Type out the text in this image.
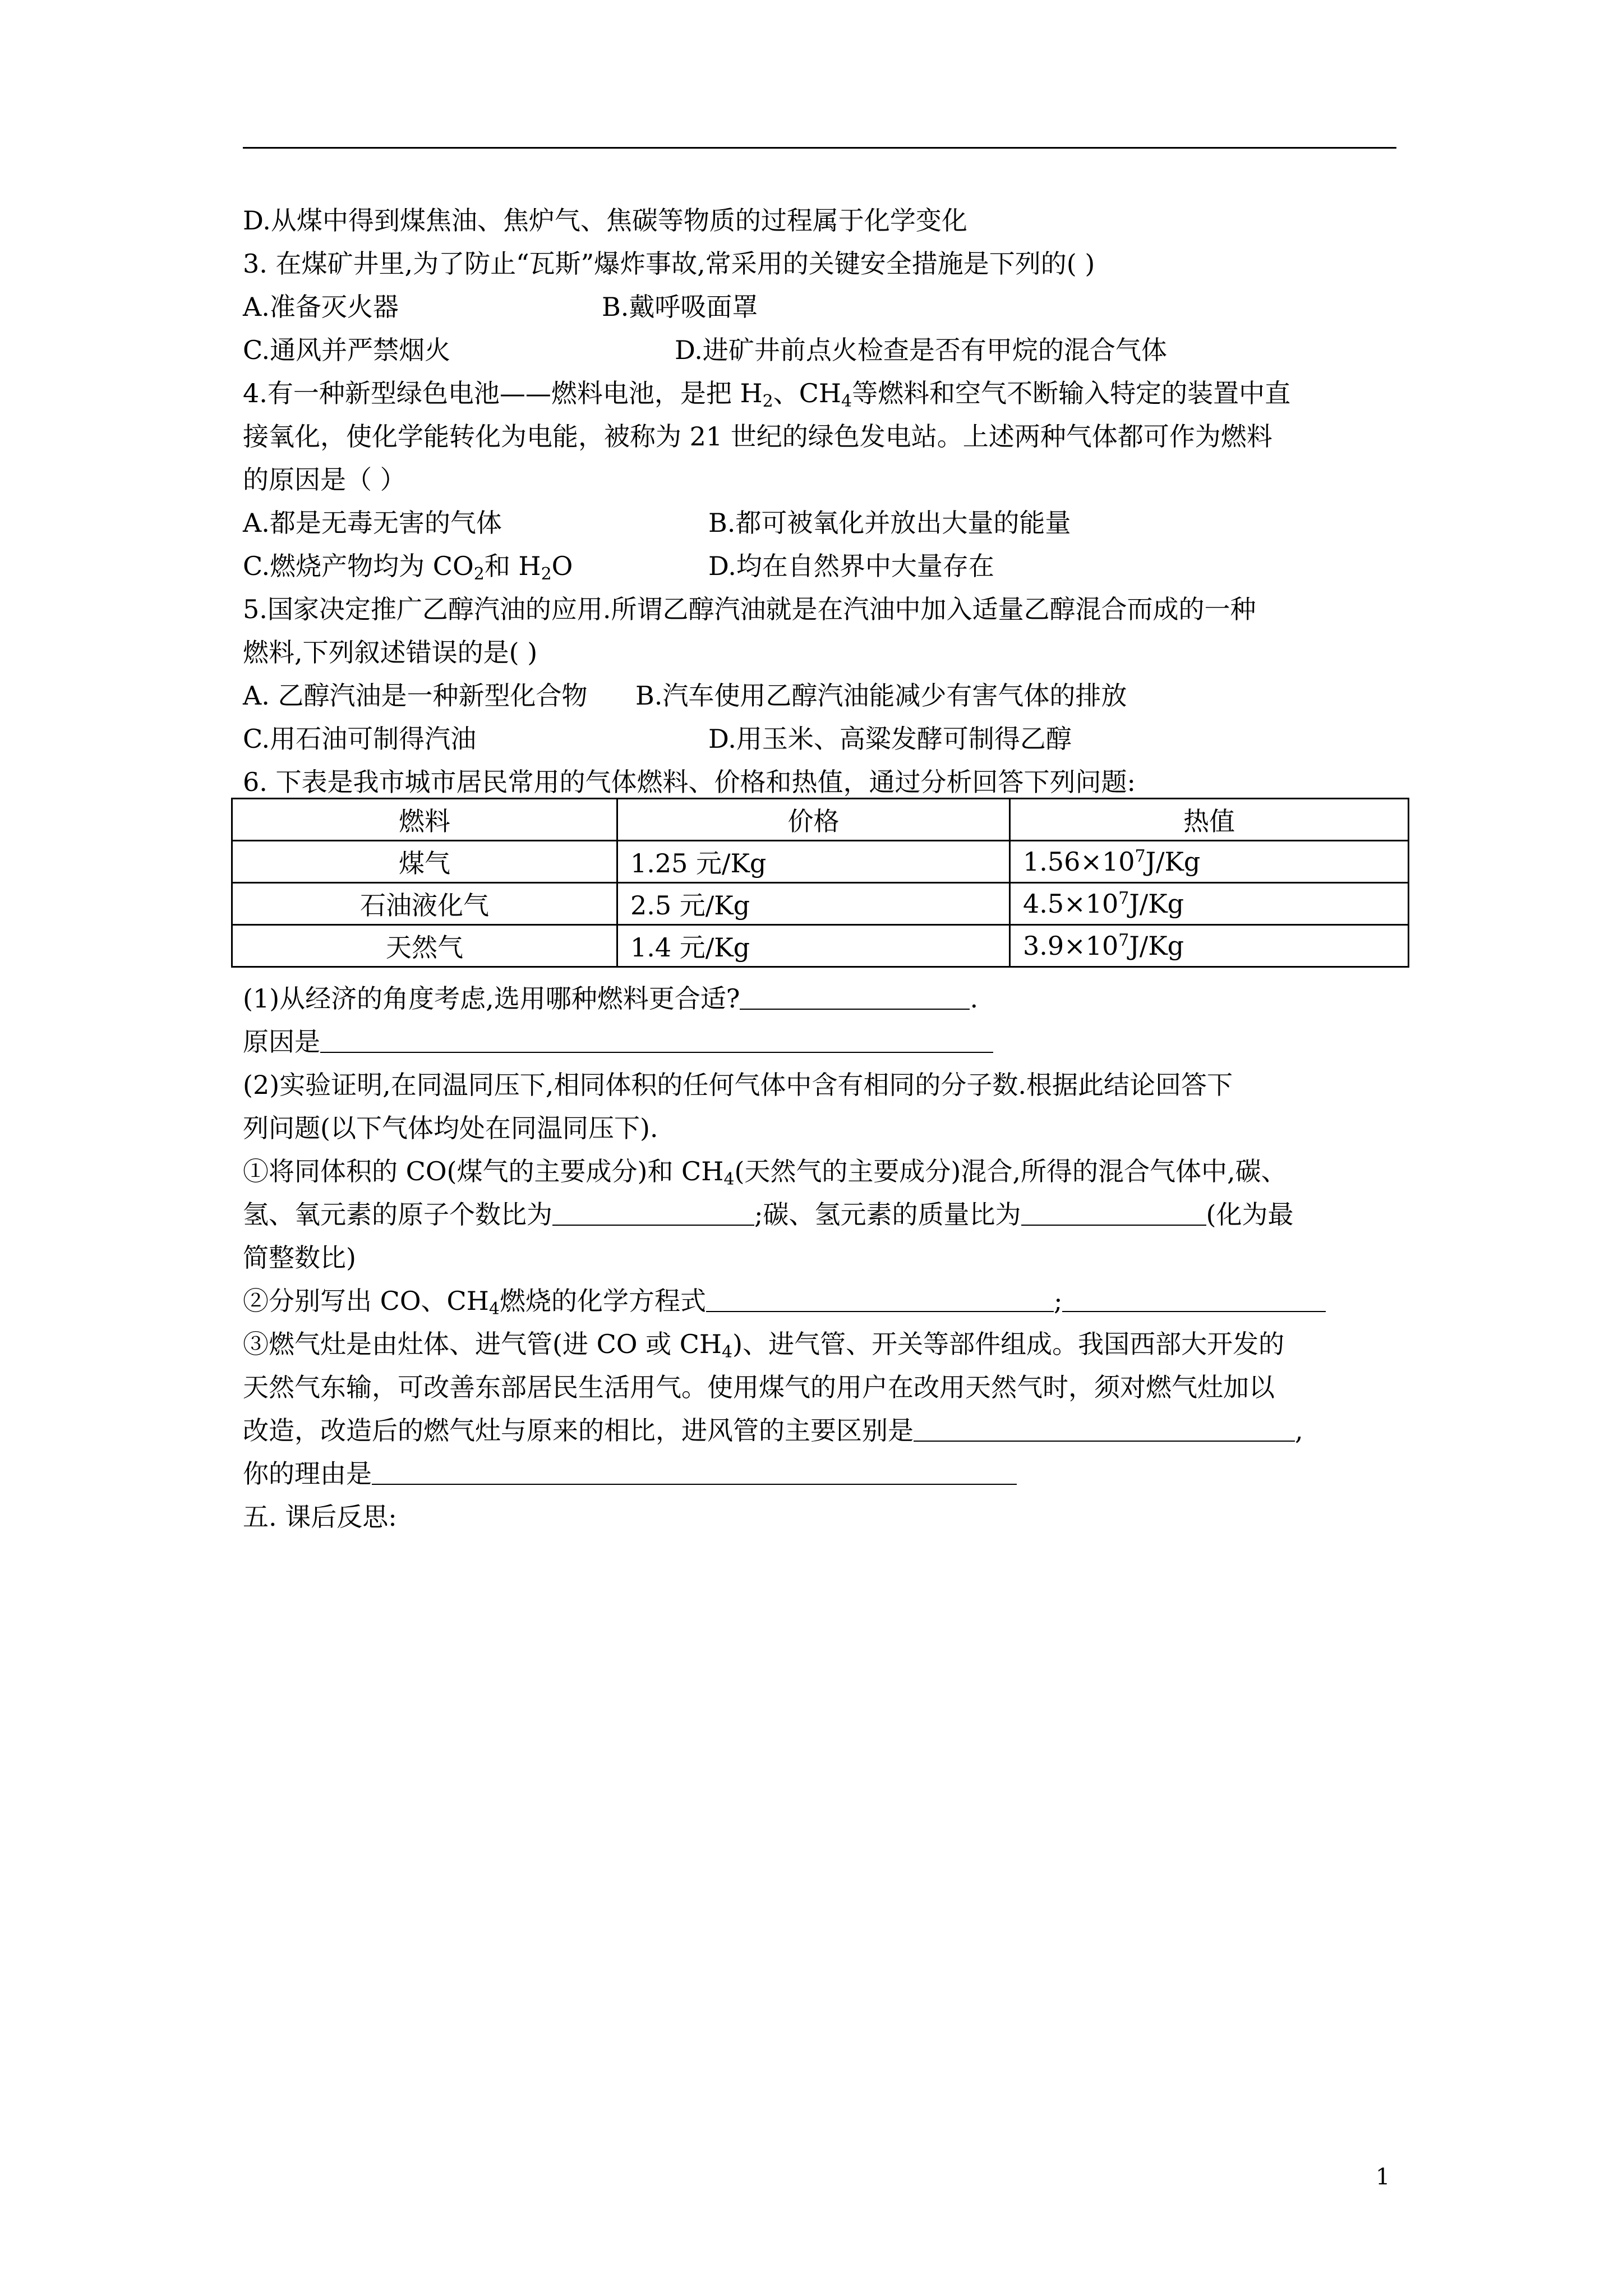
D.从煤中得到煤焦油、焦炉气、焦碳等物质的过程属于化学变化
3. 在煤矿井里,为了防止“瓦斯”爆炸事故,常采用的关键安全措施是下列的( )
A.准备灭火器	B.戴呼吸面罩
C.通风并严禁烟火	D.进矿井前点火检查是否有甲烷的混合气体
4.有一种新型绿色电池——燃料电池，是把 $H_2$、$CH_4$等燃料和空气不断输入特定的装置中直
接氧化，使化学能转化为电能，被称为 21 世纪的绿色发电站。上述两种气体都可作为燃料
的原因是（ ）
A.都是无毒无害的气体	B.都可被氧化并放出大量的能量
C.燃烧产物均为 $CO_2$和 $H_2O$	D.均在自然界中大量存在
5.国家决定推广乙醇汽油的应用.所谓乙醇汽油就是在汽油中加入适量乙醇混合而成的一种
燃料,下列叙述错误的是( )
A. 乙醇汽油是一种新型化合物	B.汽车使用乙醇汽油能减少有害气体的排放
C.用石油可制得汽油	D.用玉米、高粱发酵可制得乙醇
6. 下表是我市城市居民常用的气体燃料、价格和热值，通过分析回答下列问题:
燃料	价格	热值
煤气	1.25 元/Kg	$1.56\times 10^7J/Kg$
石油液化气	2.5 元/Kg	$4.5\times 10^7J/Kg$
天然气	1.4 元/Kg	$3.9\times 10^7J/Kg$
(1)从经济的角度考虑,选用哪种燃料更合适?	.
原因是
(2)实验证明,在同温同压下,相同体积的任何气体中含有相同的分子数.根据此结论回答下
列问题(以下气体均处在同温同压下).
①将同体积的 CO(煤气的主要成分)和 $CH_4$(天然气的主要成分)混合,所得的混合气体中,碳、
氢、氧元素的原子个数比为	;碳、氢元素的质量比为	(化为最
简整数比)
②分别写出 CO、$CH_4$燃烧的化学方程式	;
③燃气灶是由灶体、进气管(进 CO 或 $CH_4$)、进气管、开关等部件组成。我国西部大开发的
天然气东输，可改善东部居民生活用气。使用煤气的用户在改用天然气时，须对燃气灶加以
改造，改造后的燃气灶与原来的相比，进风管的主要区别是	,
你的理由是
五. 课后反思:
1
